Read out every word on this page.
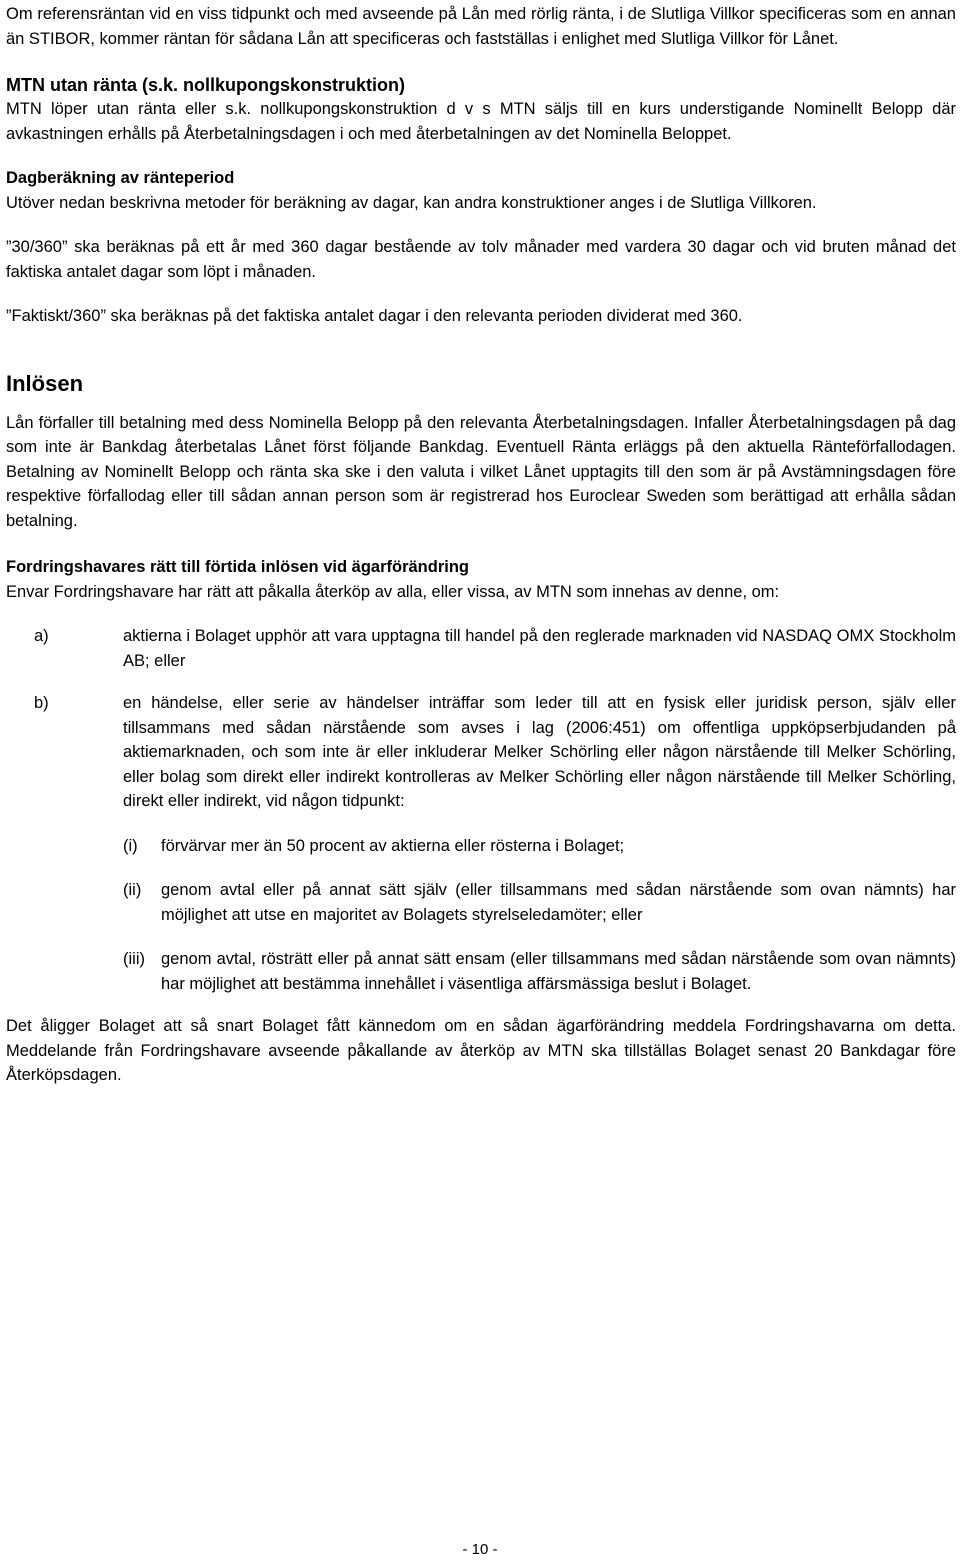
Om referensräntan vid en viss tidpunkt och med avseende på Lån med rörlig ränta, i de Slutliga Villkor specificeras som en annan än STIBOR, kommer räntan för sådana Lån att specificeras och fastställas i enlighet med Slutliga Villkor för Lånet.

MTN utan ränta (s.k. nollkupongskonstruktion)

MTN löper utan ränta eller s.k. nollkupongskonstruktion d v s MTN säljs till en kurs understigande Nominellt Belopp där avkastningen erhålls på Återbetalningsdagen i och med återbetalningen av det Nominella Beloppet.

Dagberäkning av ränteperiod

Utöver nedan beskrivna metoder för beräkning av dagar, kan andra konstruktioner anges i de Slutliga Villkoren.

”30/360” ska beräknas på ett år med 360 dagar bestående av tolv månader med vardera 30 dagar och vid bruten månad det faktiska antalet dagar som löpt i månaden.

”Faktiskt/360” ska beräknas på det faktiska antalet dagar i den relevanta perioden dividerat med 360.

Inlösen

Lån förfaller till betalning med dess Nominella Belopp på den relevanta Återbetalningsdagen. Infaller Återbetalningsdagen på dag som inte är Bankdag återbetalas Lånet först följande Bankdag. Eventuell Ränta erläggs på den aktuella Ränteförfallodagen. Betalning av Nominellt Belopp och ränta ska ske i den valuta i vilket Lånet upptagits till den som är på Avstämningsdagen före respektive förfallodag eller till sådan annan person som är registrerad hos Euroclear Sweden som berättigad att erhålla sådan betalning.

Fordringshavares rätt till förtida inlösen vid ägarförändring

Envar Fordringshavare har rätt att påkalla återköp av alla, eller vissa, av MTN som innehas av denne, om:

a)	aktierna i Bolaget upphör att vara upptagna till handel på den reglerade marknaden vid NASDAQ OMX Stockholm AB; eller
b)	en händelse, eller serie av händelser inträffar som leder till att en fysisk eller juridisk person, själv eller tillsammans med sådan närstående som avses i lag (2006:451) om offentliga uppköpserbjudanden på aktiemarknaden, och som inte är eller inkluderar Melker Schörling eller någon närstående till Melker Schörling, eller bolag som direkt eller indirekt kontrolleras av Melker Schörling eller någon närstående till Melker Schörling, direkt eller indirekt, vid någon tidpunkt:
(i)	förvärvar mer än 50 procent av aktierna eller rösterna i Bolaget;
(ii)	genom avtal eller på annat sätt själv (eller tillsammans med sådan närstående som ovan nämnts) har möjlighet att utse en majoritet av Bolagets styrelseledamöter; eller
(iii) genom avtal, rösträtt eller på annat sätt ensam (eller tillsammans med sådan närstående som ovan nämnts) har möjlighet att bestämma innehållet i väsentliga affärsmässiga beslut i Bolaget.

Det åligger Bolaget att så snart Bolaget fått kännedom om en sådan ägarförändring meddela Fordringshavarna om detta. Meddelande från Fordringshavare avseende påkallande av återköp av MTN ska tillställas Bolaget senast 20 Bankdagar före Återköpsdagen.

- 10 -
